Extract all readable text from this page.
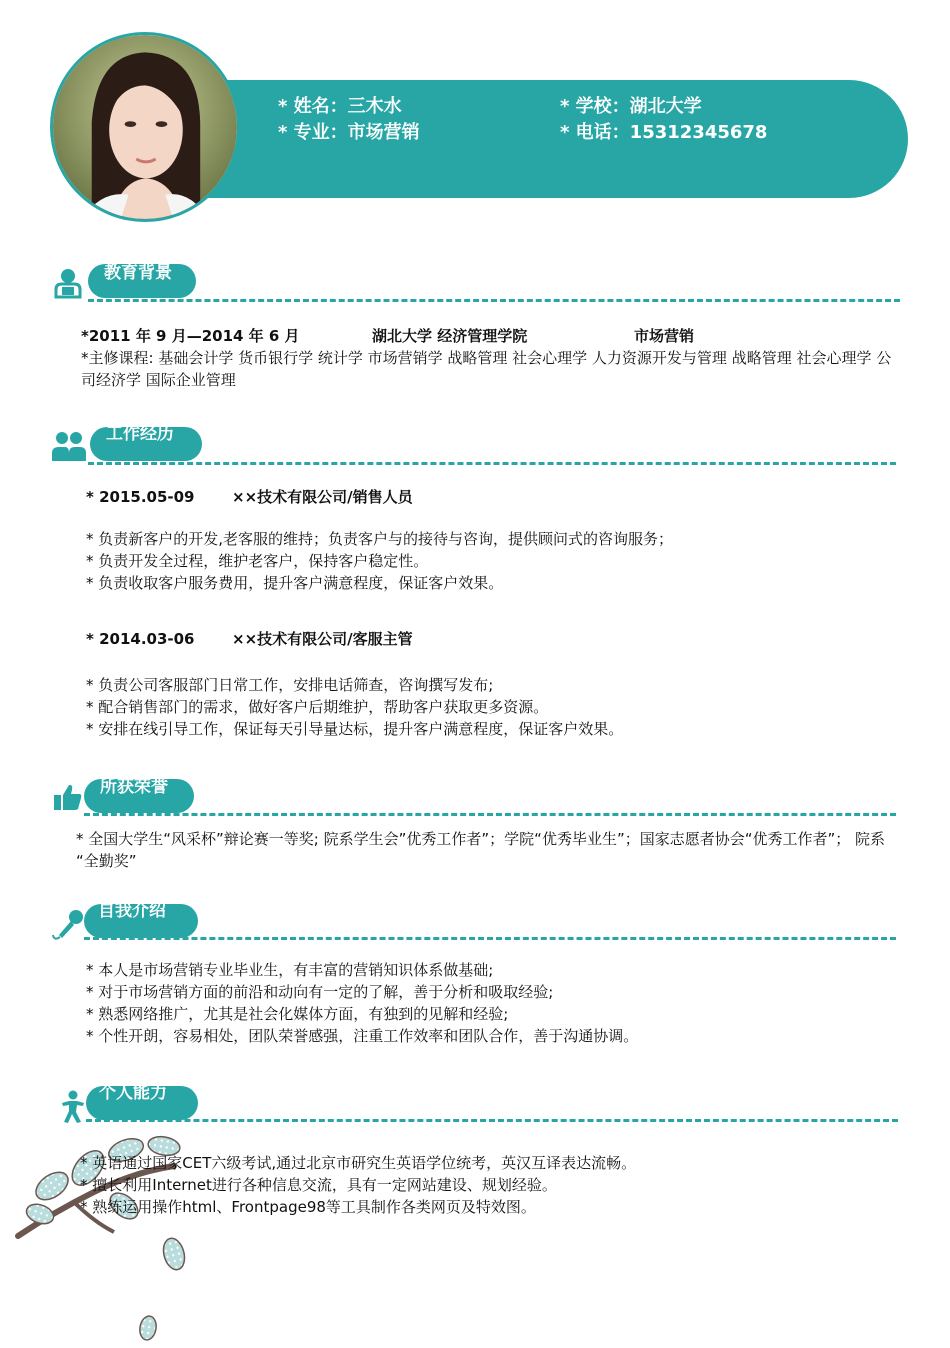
* 姓名：三木水
* 专业：市场营销
* 学校：湖北大学
* 电话：15312345678
教育背景
*2011 年 9 月—2014 年 6 月	湖北大学 经济管理学院	市场营销
*主修课程: 基础会计学 货币银行学 统计学 市场营销学 战略管理 社会心理学 人力资源开发与管理 战略管理 社会心理学 公司经济学 国际企业管理
工作经历
* 2015.05-09	××技术有限公司/销售人员
* 负责新客户的开发,老客服的维持；负责客户与的接待与咨询，提供顾问式的咨询服务；
* 负责开发全过程，维护老客户，保持客户稳定性。
* 负责收取客户服务费用，提升客户满意程度，保证客户效果。
* 2014.03-06	××技术有限公司/客服主管
* 负责公司客服部门日常工作，安排电话筛查，咨询撰写发布;
* 配合销售部门的需求，做好客户后期维护，帮助客户获取更多资源。
* 安排在线引导工作，保证每天引导量达标，提升客户满意程度，保证客户效果。
所获荣誉
* 全国大学生“风采杯”辩论赛一等奖; 院系学生会”优秀工作者”；学院“优秀毕业生”；国家志愿者协会“优秀工作者”； 院系 “全勤奖”
自我介绍
* 本人是市场营销专业毕业生，有丰富的营销知识体系做基础;
* 对于市场营销方面的前沿和动向有一定的了解，善于分析和吸取经验;
* 熟悉网络推广，尤其是社会化媒体方面，有独到的见解和经验;
* 个性开朗，容易相处，团队荣誉感强，注重工作效率和团队合作，善于沟通协调。
个人能力
* 英语通过国家CET六级考试,通过北京市研究生英语学位统考，英汉互译表达流畅。
* 擅长利用Internet进行各种信息交流，具有一定网站建设、规划经验。
* 熟练运用操作html、Frontpage98等工具制作各类网页及特效图。
